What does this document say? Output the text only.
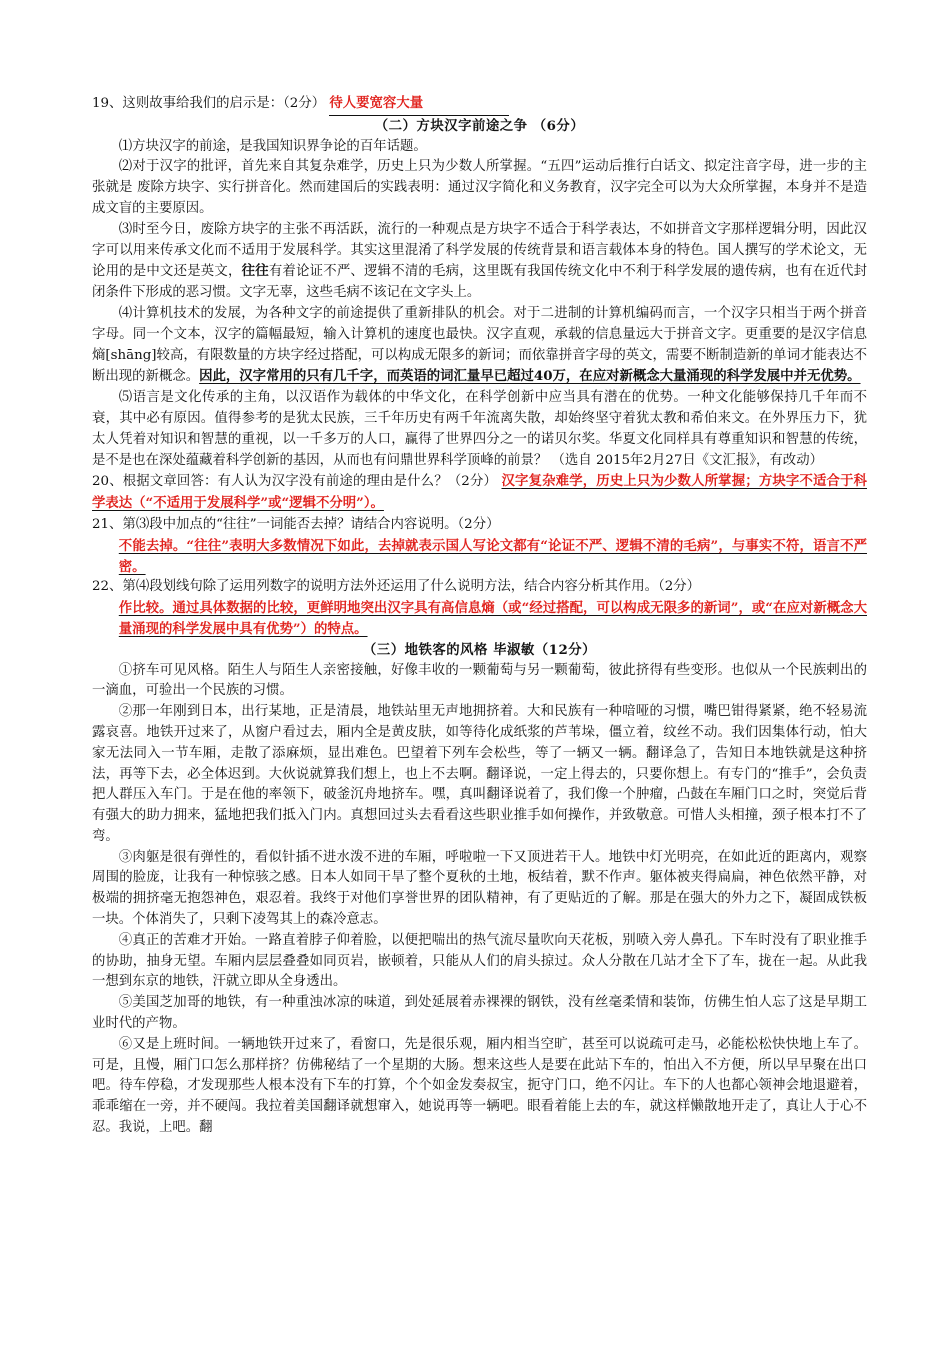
19、这则故事给我们的启示是：（2分） 待人要宽容大量
（二）方块汉字前途之争 （6分）

⑴方块汉字的前途，是我国知识界争论的百年话题。

⑵对于汉字的批评，首先来自其复杂难学，历史上只为少数人所掌握。“五四”运动后推行白话文、拟定注音字母，进一步的主张就是 废除方块字、实行拼音化。然而建国后的实践表明：通过汉字简化和义务教育，汉字完全可以为大众所掌握，本身并不是造成文盲的主要原因。

⑶时至今日，废除方块字的主张不再活跃，流行的一种观点是方块字不适合于科学表达，不如拼音文字那样逻辑分明，因此汉字可以用来传承文化而不适用于发展科学。其实这里混淆了科学发展的传统背景和语言载体本身的特色。国人撰写的学术论文，无论用的是中文还是英文，往往有着论证不严、逻辑不清的毛病，这里既有我国传统文化中不利于科学发展的遗传病，也有在近代封闭条件下形成的恶习惯。文字无辜，这些毛病不该记在文字头上。

⑷计算机技术的发展，为各种文字的前途提供了重新排队的机会。对于二进制的计算机编码而言，一个汉字只相当于两个拼音字母。同一个文本，汉字的篇幅最短，输入计算机的速度也最快。汉字直观，承载的信息量远大于拼音文字。更重要的是汉字信息熵[shāng]较高，有限数量的方块字经过搭配，可以构成无限多的新词；而依靠拼音字母的英文，需要不断制造新的单词才能表达不断出现的新概念。因此，汉字常用的只有几千字，而英语的词汇量早已超过40万，在应对新概念大量涌现的科学发展中并无优势。

⑸语言是文化传承的主角，以汉语作为载体的中华文化，在科学创新中应当具有潜在的优势。一种文化能够保持几千年而不衰，其中必有原因。值得参考的是犹太民族，三千年历史有两千年流离失散，却始终坚守着犹太教和希伯来文。在外界压力下，犹太人凭着对知识和智慧的重视，以一千多万的人口，赢得了世界四分之一的诺贝尔奖。华夏文化同样具有尊重知识和智慧的传统，是不是也在深处蕴藏着科学创新的基因，从而也有问鼎世界科学顶峰的前景？ （选自 2015年2月27日《文汇报》，有改动）

20、根据文章回答：有人认为汉字没有前途的理由是什么？（2分） 汉字复杂难学，历史上只为少数人所掌握；方块字不适合于科学表达（“不适用于发展科学”或“逻辑不分明”）。
21、第⑶段中加点的“往往”一词能否去掉？请结合内容说明。（2分）
不能去掉。“往往”表明大多数情况下如此，去掉就表示国人写论文都有“论证不严、逻辑不清的毛病”，与事实不符，语言不严密。
22、第⑷段划线句除了运用列数字的说明方法外还运用了什么说明方法，结合内容分析其作用。（2分）
作比较。通过具体数据的比较，更鲜明地突出汉字具有高信息熵（或“经过搭配，可以构成无限多的新词”，或“在应对新概念大量涌现的科学发展中具有优势”）的特点。
（三）地铁客的风格 毕淑敏（12分）

①挤车可见风格。陌生人与陌生人亲密接触，好像丰收的一颗葡萄与另一颗葡萄，彼此挤得有些变形。也似从一个民族剌出的一滴血，可验出一个民族的习惯。

②那一年刚到日本，出行某地，正是清晨，地铁站里无声地拥挤着。大和民族有一种喑哑的习惯，嘴巴钳得紧紧，绝不轻易流露哀喜。地铁开过来了，从窗户看过去，厢内全是黄皮肤，如等待化成纸浆的芦苇垛，僵立着，纹丝不动。我们因集体行动，怕大家无法同入一节车厢，走散了添麻烦，显出难色。巴望着下列车会松些，等了一辆又一辆。翻译急了，告知日本地铁就是这种挤法，再等下去，必全体迟到。大伙说就算我们想上，也上不去啊。翻译说，一定上得去的，只要你想上。有专门的“推手”，会负责把人群压入车门。于是在他的率领下，破釜沉舟地挤车。嘿，真叫翻译说着了，我们像一个肿瘤，凸鼓在车厢门口之时，突觉后背有强大的助力拥来，猛地把我们抵入门内。真想回过头去看看这些职业推手如何操作，并致敬意。可惜人头相撞，颈子根本打不了弯。

③肉躯是很有弹性的，看似针插不进水泼不进的车厢，呼啦啦一下又顶进若干人。地铁中灯光明亮，在如此近的距离内，观察周围的脸庞，让我有一种惊骇之感。日本人如同干旱了整个夏秋的土地，板结着，默不作声。躯体被夹得扁扁，神色依然平静，对极端的拥挤毫无抱怨神色，艰忍着。我终于对他们享誉世界的团队精神，有了更贴近的了解。那是在强大的外力之下，凝固成铁板一块。个体消失了，只剩下凌驾其上的森冷意志。

④真正的苦难才开始。一路直着脖子仰着脸，以便把喘出的热气流尽量吹向天花板，别喷入旁人鼻孔。下车时没有了职业推手的协助，抽身无望。车厢内层层叠叠如同页岩，嵌顿着，只能从人们的肩头掠过。众人分散在几站才全下了车，拢在一起。从此我一想到东京的地铁，汗就立即从全身透出。

⑤美国芝加哥的地铁，有一种重浊冰凉的味道，到处延展着赤裸裸的钢铁，没有丝毫柔情和装饰，仿佛生怕人忘了这是早期工业时代的产物。

⑥又是上班时间。一辆地铁开过来了，看窗口，先是很乐观，厢内相当空旷，甚至可以说疏可走马，必能松松快快地上车了。可是，且慢，厢门口怎么那样挤？仿佛秘结了一个星期的大肠。想来这些人是要在此站下车的，怕出入不方便，所以早早聚在出口吧。待车停稳，才发现那些人根本没有下车的打算，个个如金发奏叔宝，扼守门口，绝不闪让。车下的人也都心领神会地退避着，乖乖缩在一旁，并不硬闯。我拉着美国翻译就想窜入，她说再等一辆吧。眼看着能上去的车，就这样懒散地开走了，真让人于心不忍。我说，上吧。翻
